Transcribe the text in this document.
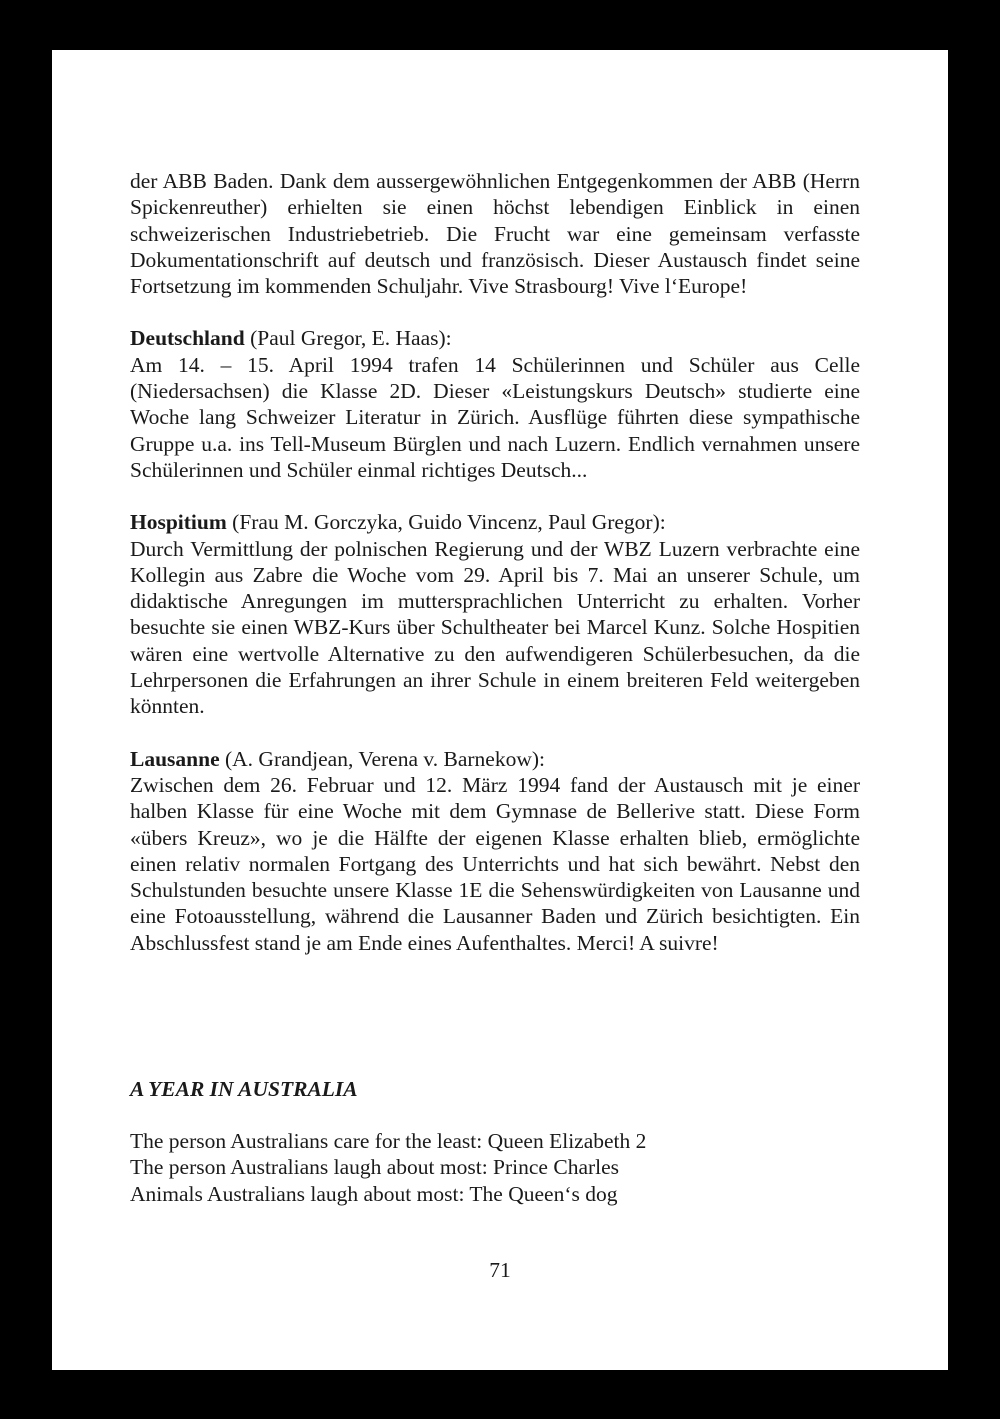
der ABB Baden. Dank dem aussergewöhnlichen Entgegenkommen der ABB (Herrn Spickenreuther) erhielten sie einen höchst lebendigen Einblick in einen schweizerischen Industriebetrieb. Die Frucht war eine gemeinsam verfasste Dokumentationschrift auf deutsch und französisch. Dieser Austausch findet seine Fortsetzung im kommenden Schuljahr. Vive Strasbourg! Vive l‘Europe!

Deutschland (Paul Gregor, E. Haas):

Am 14. – 15. April 1994 trafen 14 Schülerinnen und Schüler aus Celle (Niedersachsen) die Klasse 2D. Dieser «Leistungskurs Deutsch» studierte eine Woche lang Schweizer Literatur in Zürich. Ausflüge führten diese sympathische Gruppe u.a. ins Tell-Museum Bürglen und nach Luzern. Endlich vernahmen unsere Schülerinnen und Schüler einmal richtiges Deutsch...

Hospitium (Frau M. Gorczyka, Guido Vincenz, Paul Gregor):

Durch Vermittlung der polnischen Regierung und der WBZ Luzern verbrachte eine Kollegin aus Zabre die Woche vom 29. April bis 7. Mai an unserer Schule, um didaktische Anregungen im muttersprachlichen Unterricht zu erhalten. Vorher besuchte sie einen WBZ-Kurs über Schultheater bei Marcel Kunz. Solche Hospitien wären eine wertvolle Alternative zu den aufwendigeren Schülerbesuchen, da die Lehrpersonen die Erfahrungen an ihrer Schule in einem breiteren Feld weitergeben könnten.

Lausanne (A. Grandjean, Verena v. Barnekow):

Zwischen dem 26. Februar und 12. März 1994 fand der Austausch mit je einer halben Klasse für eine Woche mit dem Gymnase de Bellerive statt. Diese Form «übers Kreuz», wo je die Hälfte der eigenen Klasse erhalten blieb, ermöglichte einen relativ normalen Fortgang des Unterrichts und hat sich bewährt. Nebst den Schulstunden besuchte unsere Klasse 1E die Sehenswürdigkeiten von Lausanne und eine Fotoausstellung, während die Lausanner Baden und Zürich besichtigten. Ein Abschlussfest stand je am Ende eines Aufenthaltes. Merci! A suivre!

A YEAR IN AUSTRALIA

The person Australians care for the least: Queen Elizabeth 2

The person Australians laugh about most: Prince Charles

Animals Australians laugh about most: The Queen‘s dog

71
